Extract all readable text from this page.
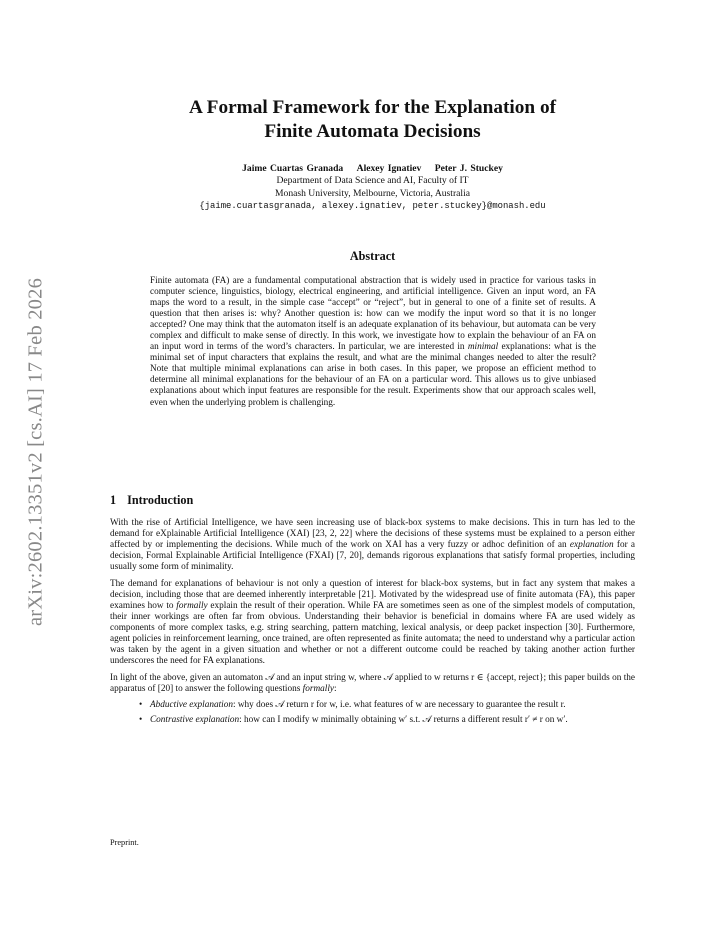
arXiv:2602.13351v2 [cs.AI] 17 Feb 2026
A Formal Framework for the Explanation of
Finite Automata Decisions
Jaime Cuartas Granada Alexey Ignatiev Peter J. Stuckey
Department of Data Science and AI, Faculty of IT
Monash University, Melbourne, Victoria, Australia
{jaime.cuartasgranada, alexey.ignatiev, peter.stuckey}@monash.edu
Abstract
Finite automata (FA) are a fundamental computational abstraction that is widely used in practice for various tasks in computer science, linguistics, biology, electrical engineering, and artificial intelligence. Given an input word, an FA maps the word to a result, in the simple case “accept” or “reject”, but in general to one of a finite set of results. A question that then arises is: why? Another question is: how can we modify the input word so that it is no longer accepted? One may think that the automaton itself is an adequate explanation of its behaviour, but automata can be very complex and difficult to make sense of directly. In this work, we investigate how to explain the behaviour of an FA on an input word in terms of the word’s characters. In particular, we are interested in minimal explanations: what is the minimal set of input characters that explains the result, and what are the minimal changes needed to alter the result? Note that multiple minimal explanations can arise in both cases. In this paper, we propose an efficient method to determine all minimal explanations for the behaviour of an FA on a particular word. This allows us to give unbiased explanations about which input features are responsible for the result. Experiments show that our approach scales well, even when the underlying problem is challenging.
1 Introduction

With the rise of Artificial Intelligence, we have seen increasing use of black-box systems to make decisions. This in turn has led to the demand for eXplainable Artificial Intelligence (XAI) [23, 2, 22] where the decisions of these systems must be explained to a person either affected by or implementing the decisions. While much of the work on XAI has a very fuzzy or adhoc definition of an explanation for a decision, Formal Explainable Artificial Intelligence (FXAI) [7, 20], demands rigorous explanations that satisfy formal properties, including usually some form of minimality.

The demand for explanations of behaviour is not only a question of interest for black-box systems, but in fact any system that makes a decision, including those that are deemed inherently interpretable [21]. Motivated by the widespread use of finite automata (FA), this paper examines how to formally explain the result of their operation. While FA are sometimes seen as one of the simplest models of computation, their inner workings are often far from obvious. Understanding their behavior is beneficial in domains where FA are used widely as components of more complex tasks, e.g. string searching, pattern matching, lexical analysis, or deep packet inspection [30]. Furthermore, agent policies in reinforcement learning, once trained, are often represented as finite automata; the need to understand why a particular action was taken by the agent in a given situation and whether or not a different outcome could be reached by taking another action further underscores the need for FA explanations.

In light of the above, given an automaton 𝒜 and an input string w, where 𝒜 applied to w returns r ∈ {accept, reject}; this paper builds on the apparatus of [20] to answer the following questions formally:

• Abductive explanation: why does 𝒜 return r for w, i.e. what features of w are necessary to guarantee the result r.
• Contrastive explanation: how can I modify w minimally obtaining w′ s.t. 𝒜 returns a different result r′ ≠ r on w′.
Preprint.
